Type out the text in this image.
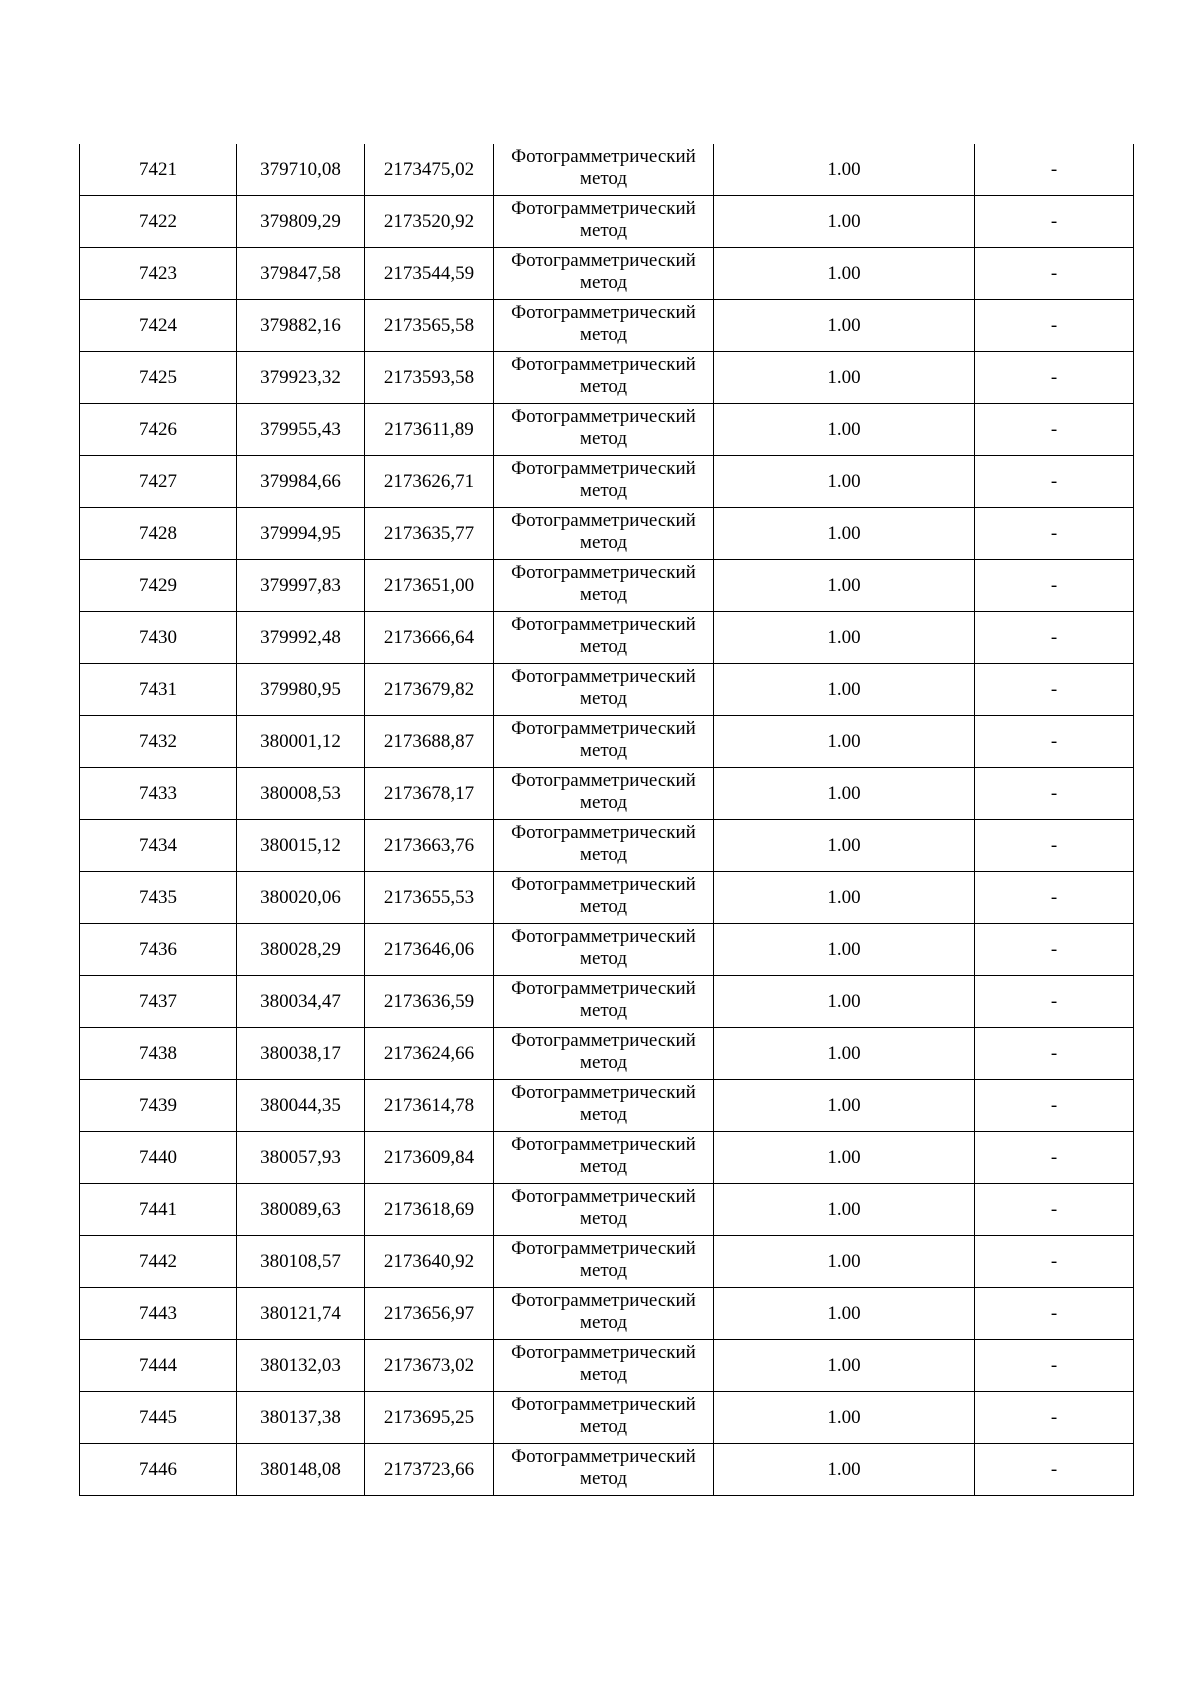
7421	379710,08	2173475,02	Фотограмметрический метод	1.00	-
7422	379809,29	2173520,92	Фотограмметрический метод	1.00	-
7423	379847,58	2173544,59	Фотограмметрический метод	1.00	-
7424	379882,16	2173565,58	Фотограмметрический метод	1.00	-
7425	379923,32	2173593,58	Фотограмметрический метод	1.00	-
7426	379955,43	2173611,89	Фотограмметрический метод	1.00	-
7427	379984,66	2173626,71	Фотограмметрический метод	1.00	-
7428	379994,95	2173635,77	Фотограмметрический метод	1.00	-
7429	379997,83	2173651,00	Фотограмметрический метод	1.00	-
7430	379992,48	2173666,64	Фотограмметрический метод	1.00	-
7431	379980,95	2173679,82	Фотограмметрический метод	1.00	-
7432	380001,12	2173688,87	Фотограмметрический метод	1.00	-
7433	380008,53	2173678,17	Фотограмметрический метод	1.00	-
7434	380015,12	2173663,76	Фотограмметрический метод	1.00	-
7435	380020,06	2173655,53	Фотограмметрический метод	1.00	-
7436	380028,29	2173646,06	Фотограмметрический метод	1.00	-
7437	380034,47	2173636,59	Фотограмметрический метод	1.00	-
7438	380038,17	2173624,66	Фотограмметрический метод	1.00	-
7439	380044,35	2173614,78	Фотограмметрический метод	1.00	-
7440	380057,93	2173609,84	Фотограмметрический метод	1.00	-
7441	380089,63	2173618,69	Фотограмметрический метод	1.00	-
7442	380108,57	2173640,92	Фотограмметрический метод	1.00	-
7443	380121,74	2173656,97	Фотограмметрический метод	1.00	-
7444	380132,03	2173673,02	Фотограмметрический метод	1.00	-
7445	380137,38	2173695,25	Фотограмметрический метод	1.00	-
7446	380148,08	2173723,66	Фотограмметрический метод	1.00	-
